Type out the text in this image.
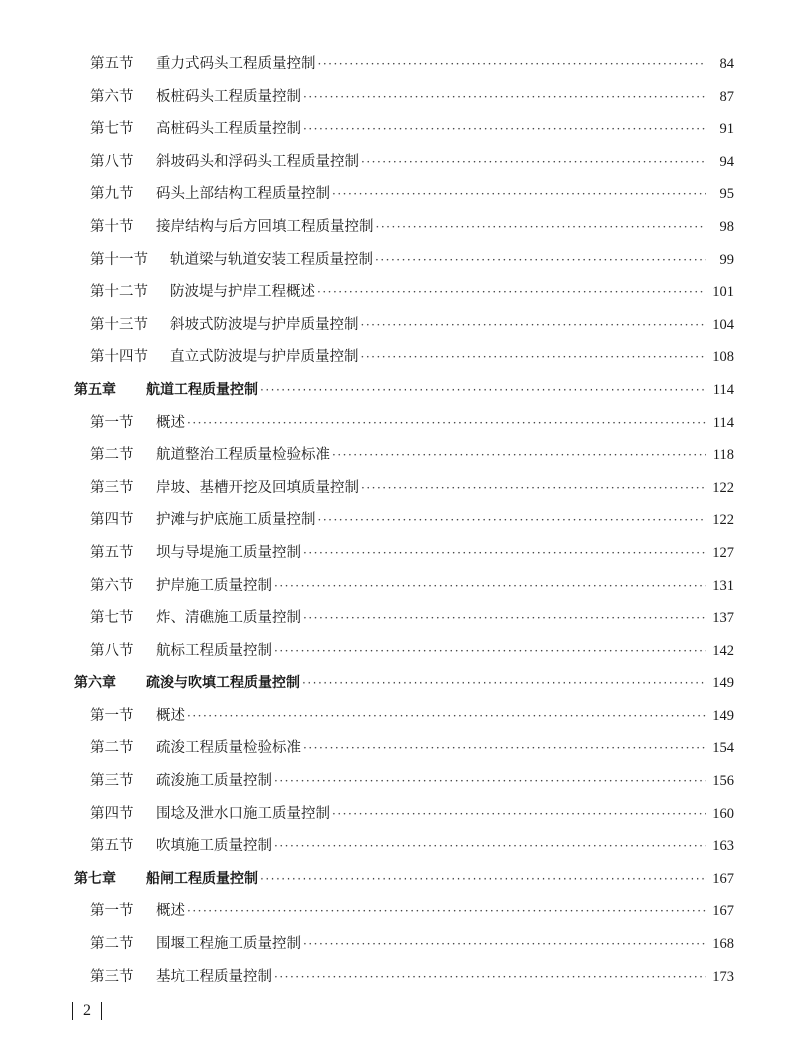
第五节	重力式码头工程质量控制 ·····	84
第六节	板桩码头工程质量控制 ·····	87
第七节	高桩码头工程质量控制 ·····	91
第八节	斜坡码头和浮码头工程质量控制 ·····	94
第九节	码头上部结构工程质量控制 ·····	95
第十节	接岸结构与后方回填工程质量控制 ·····	98
第十一节	轨道梁与轨道安装工程质量控制 ·····	99
第十二节	防波堤与护岸工程概述 ·····	101
第十三节	斜坡式防波堤与护岸质量控制 ·····	104
第十四节	直立式防波堤与护岸质量控制 ·····	108
第五章	航道工程质量控制 ·····	114
第一节	概述 ·····	114
第二节	航道整治工程质量检验标准 ·····	118
第三节	岸坡、基槽开挖及回填质量控制 ·····	122
第四节	护滩与护底施工质量控制 ·····	122
第五节	坝与导堤施工质量控制 ·····	127
第六节	护岸施工质量控制 ·····	131
第七节	炸、清礁施工质量控制 ·····	137
第八节	航标工程质量控制 ·····	142
第六章	疏浚与吹填工程质量控制 ·····	149
第一节	概述 ·····	149
第二节	疏浚工程质量检验标准 ·····	154
第三节	疏浚施工质量控制 ·····	156
第四节	围埝及泄水口施工质量控制 ·····	160
第五节	吹填施工质量控制 ·····	163
第七章	船闸工程质量控制 ·····	167
第一节	概述 ·····	167
第二节	围堰工程施工质量控制 ·····	168
第三节	基坑工程质量控制 ·····	173
2
